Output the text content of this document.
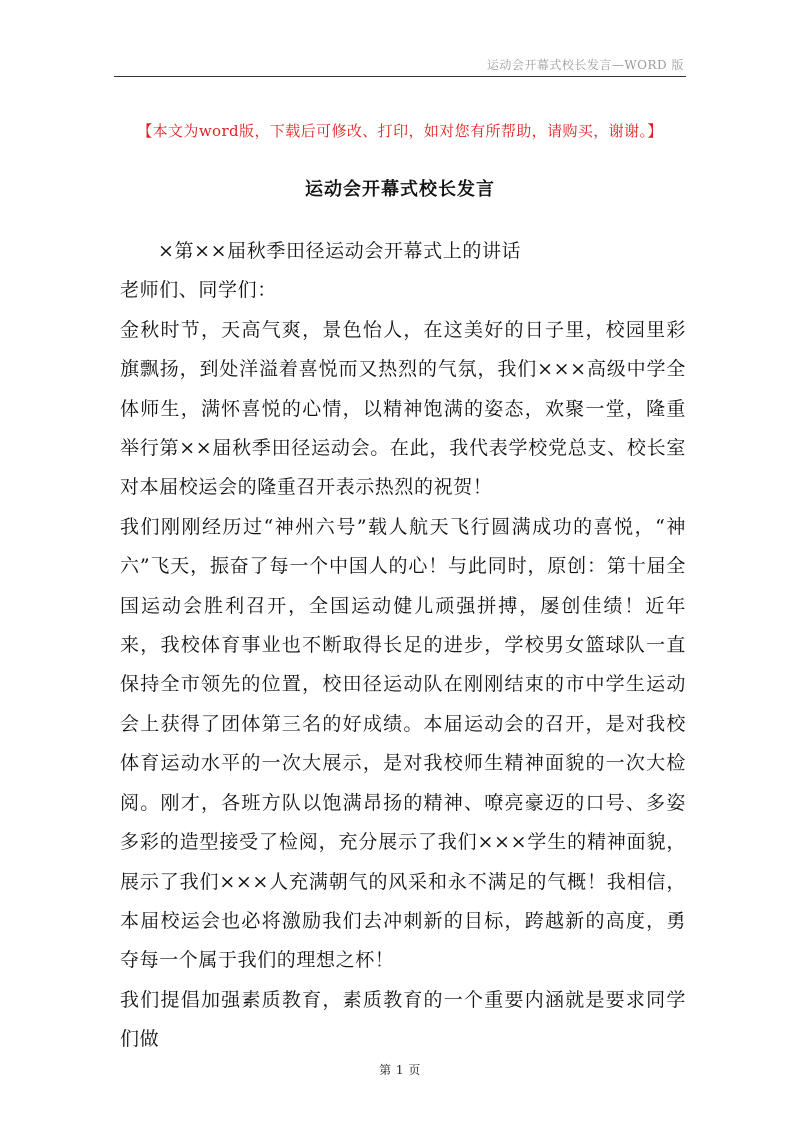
运动会开幕式校长发言—WORD 版
【本文为word版，下载后可修改、打印，如对您有所帮助，请购买，谢谢。】
运动会开幕式校长发言

×第××届秋季田径运动会开幕式上的讲话

老师们、同学们：

金秋时节，天高气爽，景色怡人，在这美好的日子里，校园里彩旗飘扬，到处洋溢着喜悦而又热烈的气氛，我们×××高级中学全体师生，满怀喜悦的心情，以精神饱满的姿态，欢聚一堂，隆重举行第××届秋季田径运动会。在此，我代表学校党总支、校长室对本届校运会的隆重召开表示热烈的祝贺！

我们刚刚经历过“神州六号”载人航天飞行圆满成功的喜悦，“神六”飞天，振奋了每一个中国人的心！与此同时，原创：第十届全国运动会胜利召开，全国运动健儿顽强拼搏，屡创佳绩！近年来，我校体育事业也不断取得长足的进步，学校男女篮球队一直保持全市领先的位置，校田径运动队在刚刚结束的市中学生运动会上获得了团体第三名的好成绩。本届运动会的召开，是对我校体育运动水平的一次大展示，是对我校师生精神面貌的一次大检阅。刚才，各班方队以饱满昂扬的精神、嘹亮豪迈的口号、多姿多彩的造型接受了检阅，充分展示了我们×××学生的精神面貌，展示了我们×××人充满朝气的风采和永不满足的气概！我相信，本届校运会也必将激励我们去冲刺新的目标，跨越新的高度，勇夺每一个属于我们的理想之杯！

我们提倡加强素质教育，素质教育的一个重要内涵就是要求同学们做

第 1 页
